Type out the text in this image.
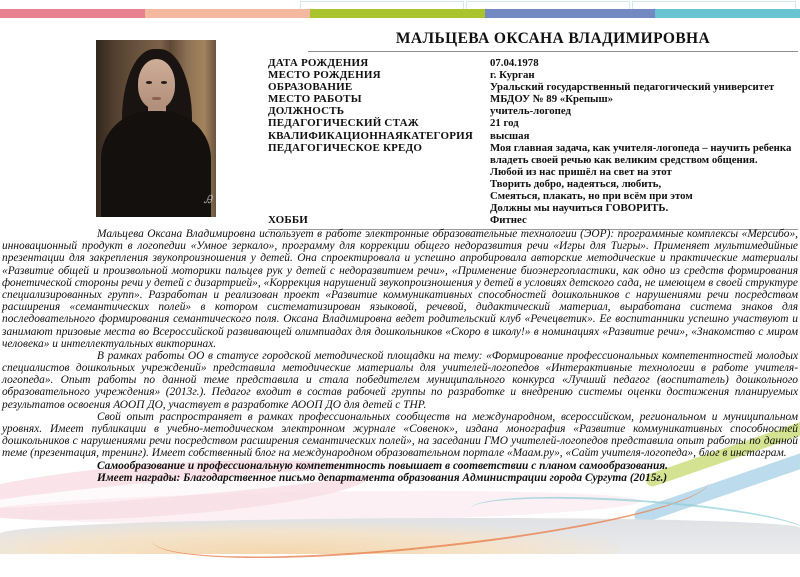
Ꭿ
МАЛЬЦЕВА ОКСАНА ВЛАДИМИРОВНА
ДАТА РОЖДЕНИЯ	07.04.1978
МЕСТО РОЖДЕНИЯ	г. Курган
ОБРАЗОВАНИЕ	Уральский государственный педагогический университет
МЕСТО РАБОТЫ	МБДОУ № 89 «Крепыш»
ДОЛЖНОСТЬ	учитель-логопед
ПЕДАГОГИЧЕСКИЙ СТАЖ	21 год
КВАЛИФИКАЦИОННАЯКАТЕГОРИЯ	высшая
ПЕДАГОГИЧЕСКОЕ КРЕДО	Моя главная задача, как учителя-логопеда – научить ребенка
владеть своей речью как великим средством общения.
Любой из нас пришёл на свет на этот
Творить добро, надеяться, любить,
Смеяться, плакать, но при всём при этом
Должны мы научиться ГОВОРИТЬ.
ХОББИ	Фитнес

Мальцева Оксана Владимировна использует в работе электронные образовательные технологии (ЭОР): программные комплексы «Мерсибо», инновационный продукт в логопедии «Умное зеркало», программу для коррекции общего недоразвития речи «Игры для Тигры». Применяет мультимедийные презентации для закрепления звукопроизношения у детей. Она спроектировала и успешно апробировала авторские методические и практические материалы «Развитие общей и произвольной моторики пальцев рук у детей с недоразвитием речи», «Применение биоэнергопластики, как одно из средств формирования фонетической стороны речи у детей с дизартрией», «Коррекция нарушений звукопроизношения у детей в условиях детского сада, не имеющем в своей структуре специализированных групп». Разработан и реализован проект «Развитие коммуникативных способностей дошкольников с нарушениями речи посредством расширения «семантических полей» в котором систематизирован языковой, речевой, дидактический материал, выработана система знаков для последовательного формирования семантического поля. Оксана Владимировна ведет родительский клуб «Речецветик». Ее воспитанники успешно участвуют и занимают призовые места во Всероссийской развивающей олимпиадах для дошкольников «Скоро в школу!» в номинациях «Развитие речи», «Знакомство с миром человека» и интеллектуальных викторинах.

В рамках работы ОО в статусе городской методической площадки на тему: «Формирование профессиональных компетентностей молодых специалистов дошкольных учреждений» представила методические материалы для учителей-логопедов «Интерактивные технологии в работе учителя-логопеда». Опыт работы по данной теме представила и стала победителем муниципального конкурса «Лучший педагог (воспитатель) дошкольного образовательного учреждения» (2013г.). Педагог входит в состав рабочей группы по разработке и внедрению системы оценки достижения планируемых результатов освоения АООП ДО, участвует в разработке АООП ДО для детей с ТНР.

Свой опыт распространяет в рамках профессиональных сообществ на международном, всероссийском, региональном и муниципальном уровнях. Имеет публикации в учебно-методическом электронном журнале «Совенок», издана монография «Развитие коммуникативных способностей дошкольников с нарушениями речи посредством расширения семантических полей», на заседании ГМО учителей-логопедов представила опыт работы по данной теме (презентация, тренинг). Имеет собственный блог на международном образовательном портале «Маам.ру», «Сайт учителя-логопеда», блог в инстаграм.

Самообразование и профессиональную компетентность повышает в соответствии с планом самообразования.

Имеет награды: Благодарственное письмо департамента образования Администрации города Сургута (2015г.)
